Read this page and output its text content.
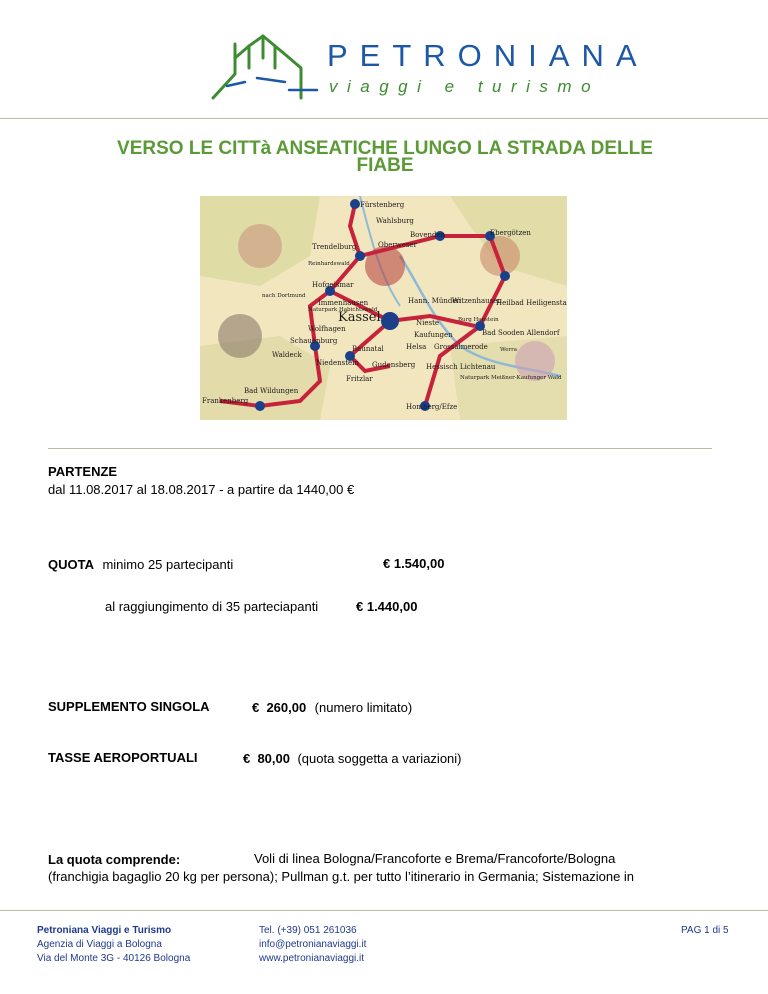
PETRONIANA
viaggi e turismo
VERSO LE CITTà ANSEATICHE LUNGO LA STRADA DELLE
FIABE
Fürstenberg
Wahlsburg
Bovenden	Ebergötzen
Trendelburg	Oberweser
Reinhardswald
Hofgeismar
nach Dortmund
Immenhausen	Hann. Münden
Witzenhausen
Heilbad Heiligenstadt
Naturpark Habichtswald
Wolfhagen
Kassel	Nieste
Kaufungen
Burg Hanstein
Bad Sooden Allendorf
Schauenburg
Baunatal	Helsa Grossalmerode
Waldeck
Niedenstein Gudensberg Hessisch Lichtenau
Fritzlar
Bad Wildungen
Frankenberg
Homberg/Efze
Naturpark Meißner-Kaufunger Wald
Werra
PARTENZE
dal 11.08.2017 al 18.08.2017 - a partire da 1440,00 €
QUOTA minimo 25 partecipanti	€ 1.540,00
al raggiungimento di 35 parteciapanti	€ 1.440,00
SUPPLEMENTO SINGOLA	€  260,00 (numero limitato)
TASSE AEROPORTUALI	€  80,00 (quota soggetta a variazioni)
La quota comprende:	Voli di linea Bologna/Francoforte e Brema/Francoforte/Bologna
(franchigia bagaglio 20 kg per persona); Pullman g.t. per tutto l’itinerario in Germania; Sistemazione in
Petroniana Viaggi e Turismo
Agenzia di Viaggi a Bologna
Via del Monte 3G - 40126 Bologna
Tel. (+39) 051 261036
info@petronianaviaggi.it
www.petronianaviaggi.it
PAG 1 di 5
